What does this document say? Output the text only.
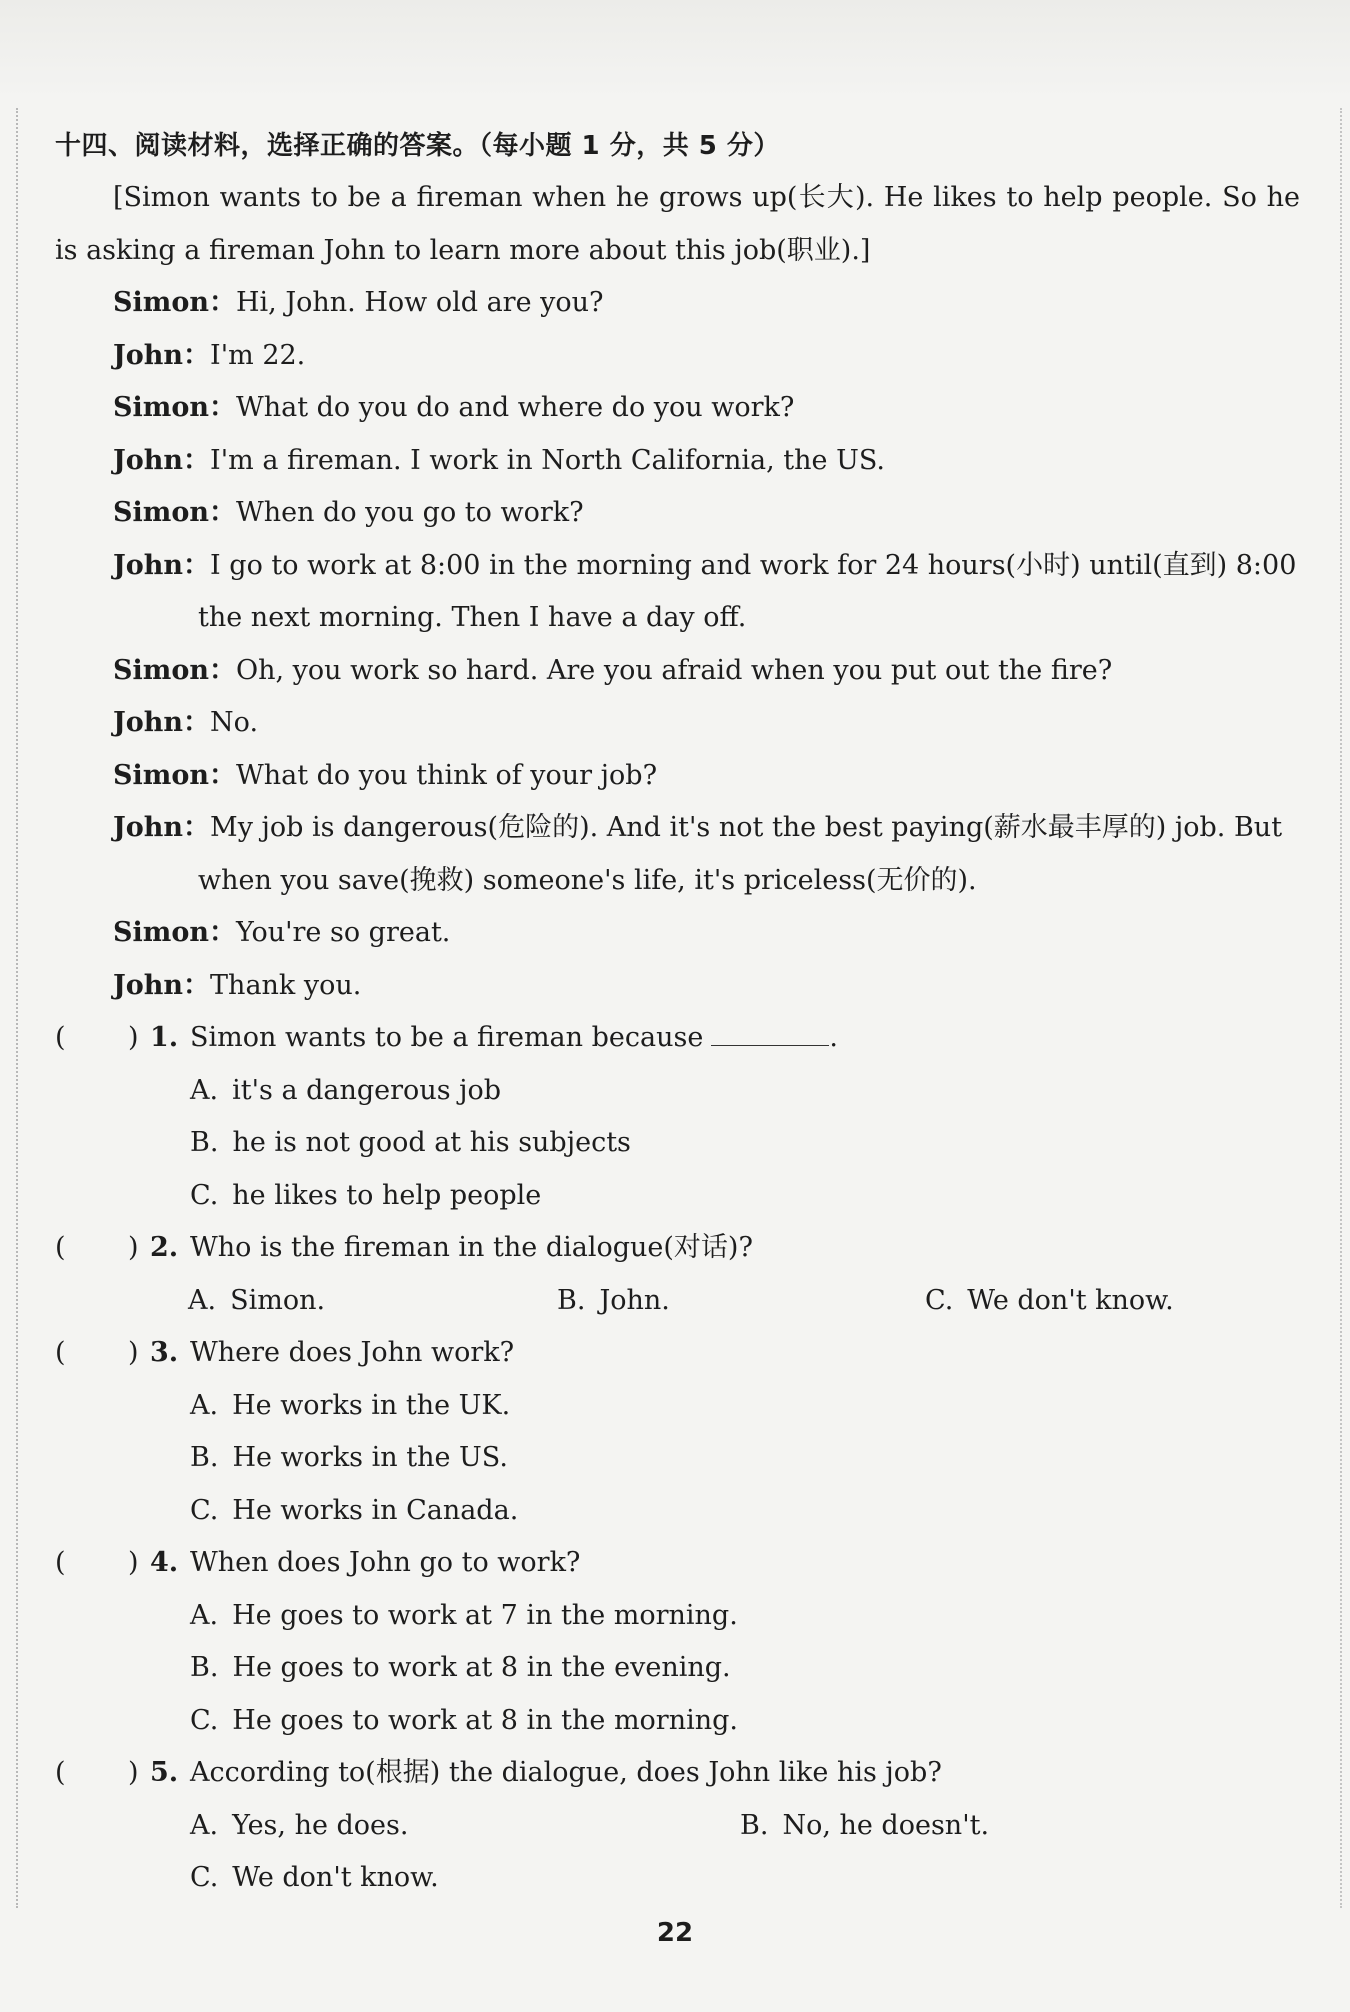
十四、阅读材料，选择正确的答案。（每小题 1 分，共 5 分）
[Simon wants to be a fireman when he grows up(长大). He likes to help people. So he is asking a fireman John to learn more about this job(职业).]
Simon：Hi, John. How old are you?
John：I'm 22.
Simon：What do you do and where do you work?
John：I'm a fireman. I work in North California, the US.
Simon：When do you go to work?
John：I go to work at 8:00 in the morning and work for 24 hours(小时) until(直到) 8:00 the next morning. Then I have a day off.
Simon：Oh, you work so hard. Are you afraid when you put out the fire?
John：No.
Simon：What do you think of your job?
John：My job is dangerous(危险的). And it's not the best paying(薪水最丰厚的) job. But when you save(挽救) someone's life, it's priceless(无价的).
Simon：You're so great.
John：Thank you.
( ) 1. Simon wants to be a fireman because	.
A. it's a dangerous job
B. he is not good at his subjects
C. he likes to help people
( ) 2. Who is the fireman in the dialogue(对话)?
A. Simon.	B. John.	C. We don't know.
( ) 3. Where does John work?
A. He works in the UK.
B. He works in the US.
C. He works in Canada.
( ) 4. When does John go to work?
A. He goes to work at 7 in the morning.
B. He goes to work at 8 in the evening.
C. He goes to work at 8 in the morning.
( ) 5. According to(根据) the dialogue, does John like his job?
A. Yes, he does.	B. No, he doesn't.
C. We don't know.
22
